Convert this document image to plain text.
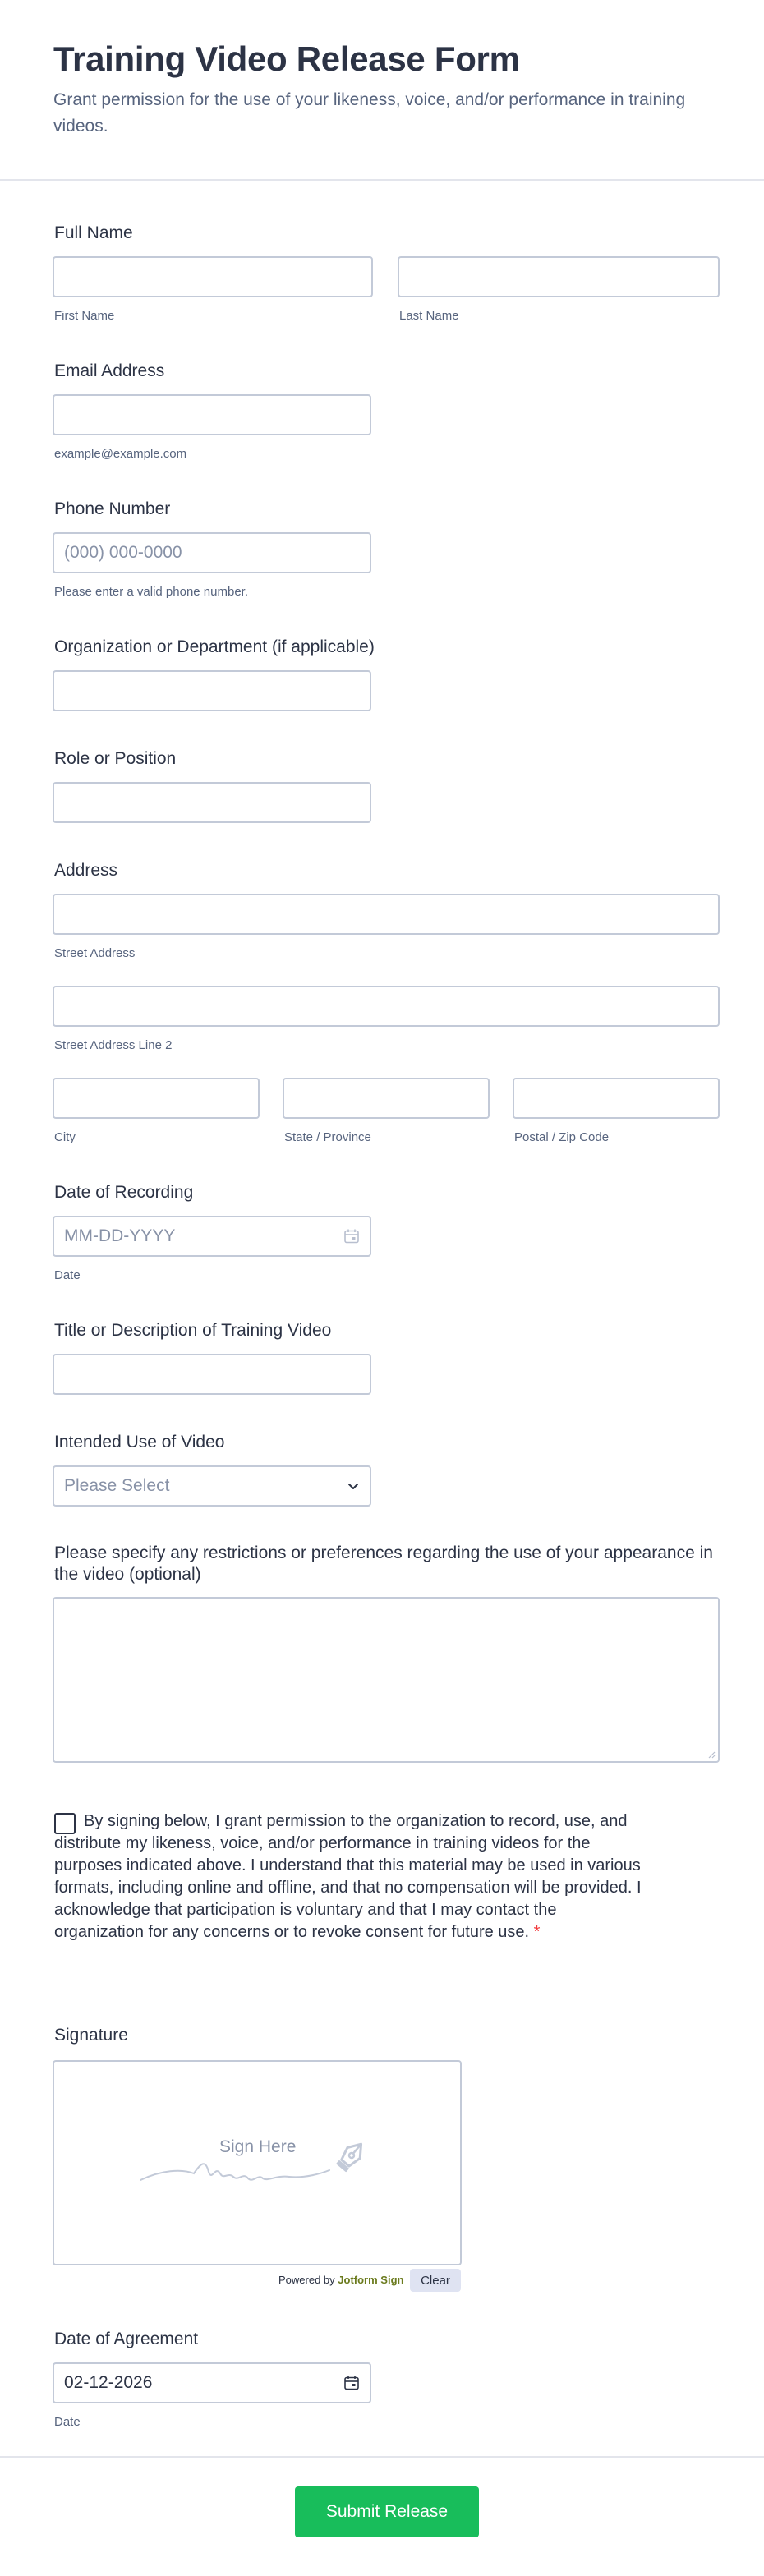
Training Video Release Form

Grant permission for the use of your likeness, voice, and/or performance in training videos.

Full Name
First Name	Last Name
Email Address
example@example.com
Phone Number
(000) 000-0000
Please enter a valid phone number.
Organization or Department (if applicable)
Role or Position
Address
Street Address
Street Address Line 2
City	State / Province	Postal / Zip Code
Date of Recording
MM-DD-YYYY
Date
Title or Description of Training Video
Intended Use of Video
Please Select
Please specify any restrictions or preferences regarding the use of your appearance in the video (optional)

By signing below, I grant permission to the organization to record, use, and distribute my likeness, voice, and/or performance in training videos for the purposes indicated above. I understand that this material may be used in various formats, including online and offline, and that no compensation will be provided. I acknowledge that participation is voluntary and that I may contact the organization for any concerns or to revoke consent for future use. *

Signature
Sign Here
Powered by Jotform Sign	Clear
Date of Agreement
02-12-2026
Date
Submit Release
